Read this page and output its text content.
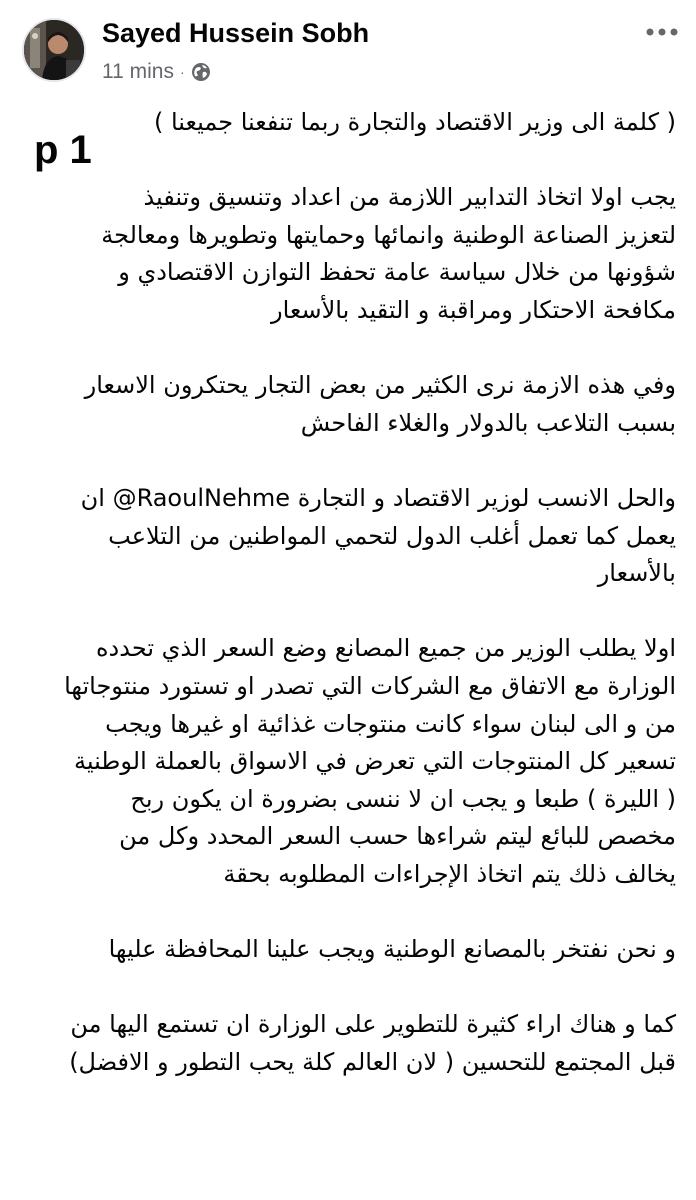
Sayed Hussein Sobh
11 mins ·
p 1

( كلمة الى وزير الاقتصاد والتجارة ربما تنفعنا جميعنا )

يجب اولا اتخاذ التدابير اللازمة من اعداد وتنسيق وتنفيذ

لتعزيز الصناعة الوطنية وانمائها وحمايتها وتطويرها ومعالجة

شؤونها من خلال سياسة عامة تحفظ التوازن الاقتصادي و

مكافحة الاحتكار ومراقبة و التقيد بالأسعار

وفي هذه الازمة نرى الكثير من بعض التجار يحتكرون الاسعار

بسبب التلاعب بالدولار والغلاء الفاحش

والحل الانسب لوزير الاقتصاد و التجارة @RaoulNehme ان

يعمل كما تعمل أغلب الدول لتحمي المواطنين من التلاعب

بالأسعار

اولا يطلب الوزير من جميع المصانع وضع السعر الذي تحدده

الوزارة مع الاتفاق مع الشركات التي تصدر او تستورد منتوجاتها

من و الى لبنان سواء كانت منتوجات غذائية او غيرها ويجب

تسعير كل المنتوجات التي تعرض في الاسواق بالعملة الوطنية

( الليرة ) طبعا و يجب ان لا ننسى بضرورة ان يكون ربح

مخصص للبائع ليتم شراءها حسب السعر المحدد وكل من

يخالف ذلك يتم اتخاذ الإجراءات المطلوبه بحقة

و نحن نفتخر بالمصانع الوطنية ويجب علينا المحافظة عليها

كما و هناك اراء كثيرة للتطوير على الوزارة ان تستمع اليها من

قبل المجتمع للتحسين ( لان العالم كلة يحب التطور و الافضل)
